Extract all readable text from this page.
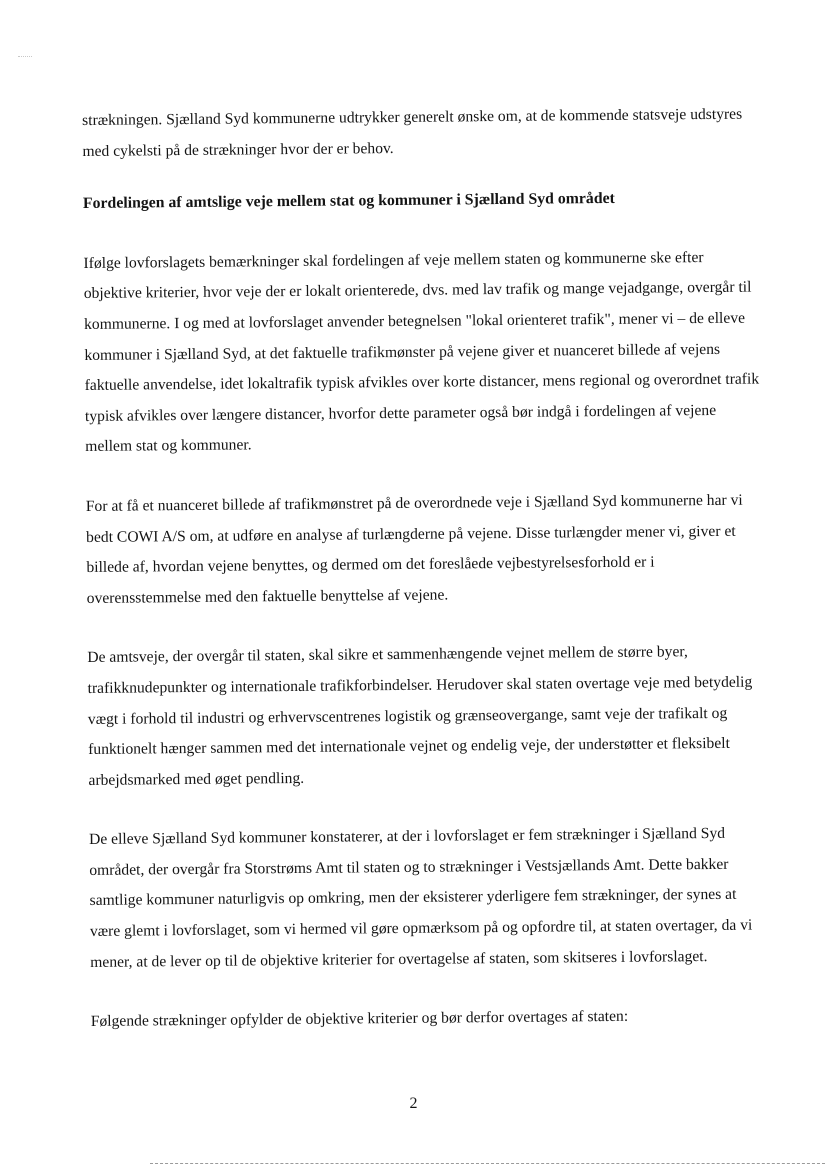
strækningen. Sjælland Syd kommunerne udtrykker generelt ønske om, at de kommende statsveje udstyres med cykelsti på de strækninger hvor der er behov.

Fordelingen af amtslige veje mellem stat og kommuner i Sjælland Syd området

Ifølge lovforslagets bemærkninger skal fordelingen af veje mellem staten og kommunerne ske efter objektive kriterier, hvor veje der er lokalt orienterede, dvs. med lav trafik og mange vejadgange, overgår til kommunerne. I og med at lovforslaget anvender betegnelsen "lokal orienteret trafik", mener vi – de elleve kommuner i Sjælland Syd, at det faktuelle trafikmønster på vejene giver et nuanceret billede af vejens faktuelle anvendelse, idet lokaltrafik typisk afvikles over korte distancer, mens regional og overordnet trafik typisk afvikles over længere distancer, hvorfor dette parameter også bør indgå i fordelingen af vejene mellem stat og kommuner.

For at få et nuanceret billede af trafikmønstret på de overordnede veje i Sjælland Syd kommunerne har vi bedt COWI A/S om, at udføre en analyse af turlængderne på vejene. Disse turlængder mener vi, giver et billede af, hvordan vejene benyttes, og dermed om det foreslåede vejbestyrelsesforhold er i overensstemmelse med den faktuelle benyttelse af vejene.

De amtsveje, der overgår til staten, skal sikre et sammenhængende vejnet mellem de større byer, trafikknudepunkter og internationale trafikforbindelser. Herudover skal staten overtage veje med betydelig vægt i forhold til industri og erhvervscentrenes logistik og grænseovergange, samt veje der trafikalt og funktionelt hænger sammen med det internationale vejnet og endelig veje, der understøtter et fleksibelt arbejdsmarked med øget pendling.

De elleve Sjælland Syd kommuner konstaterer, at der i lovforslaget er fem strækninger i Sjælland Syd området, der overgår fra Storstrøms Amt til staten og to strækninger i Vestsjællands Amt. Dette bakker samtlige kommuner naturligvis op omkring, men der eksisterer yderligere fem strækninger, der synes at være glemt i lovforslaget, som vi hermed vil gøre opmærksom på og opfordre til, at staten overtager, da vi mener, at de lever op til de objektive kriterier for overtagelse af staten, som skitseres i lovforslaget.

Følgende strækninger opfylder de objektive kriterier og bør derfor overtages af staten:

2
